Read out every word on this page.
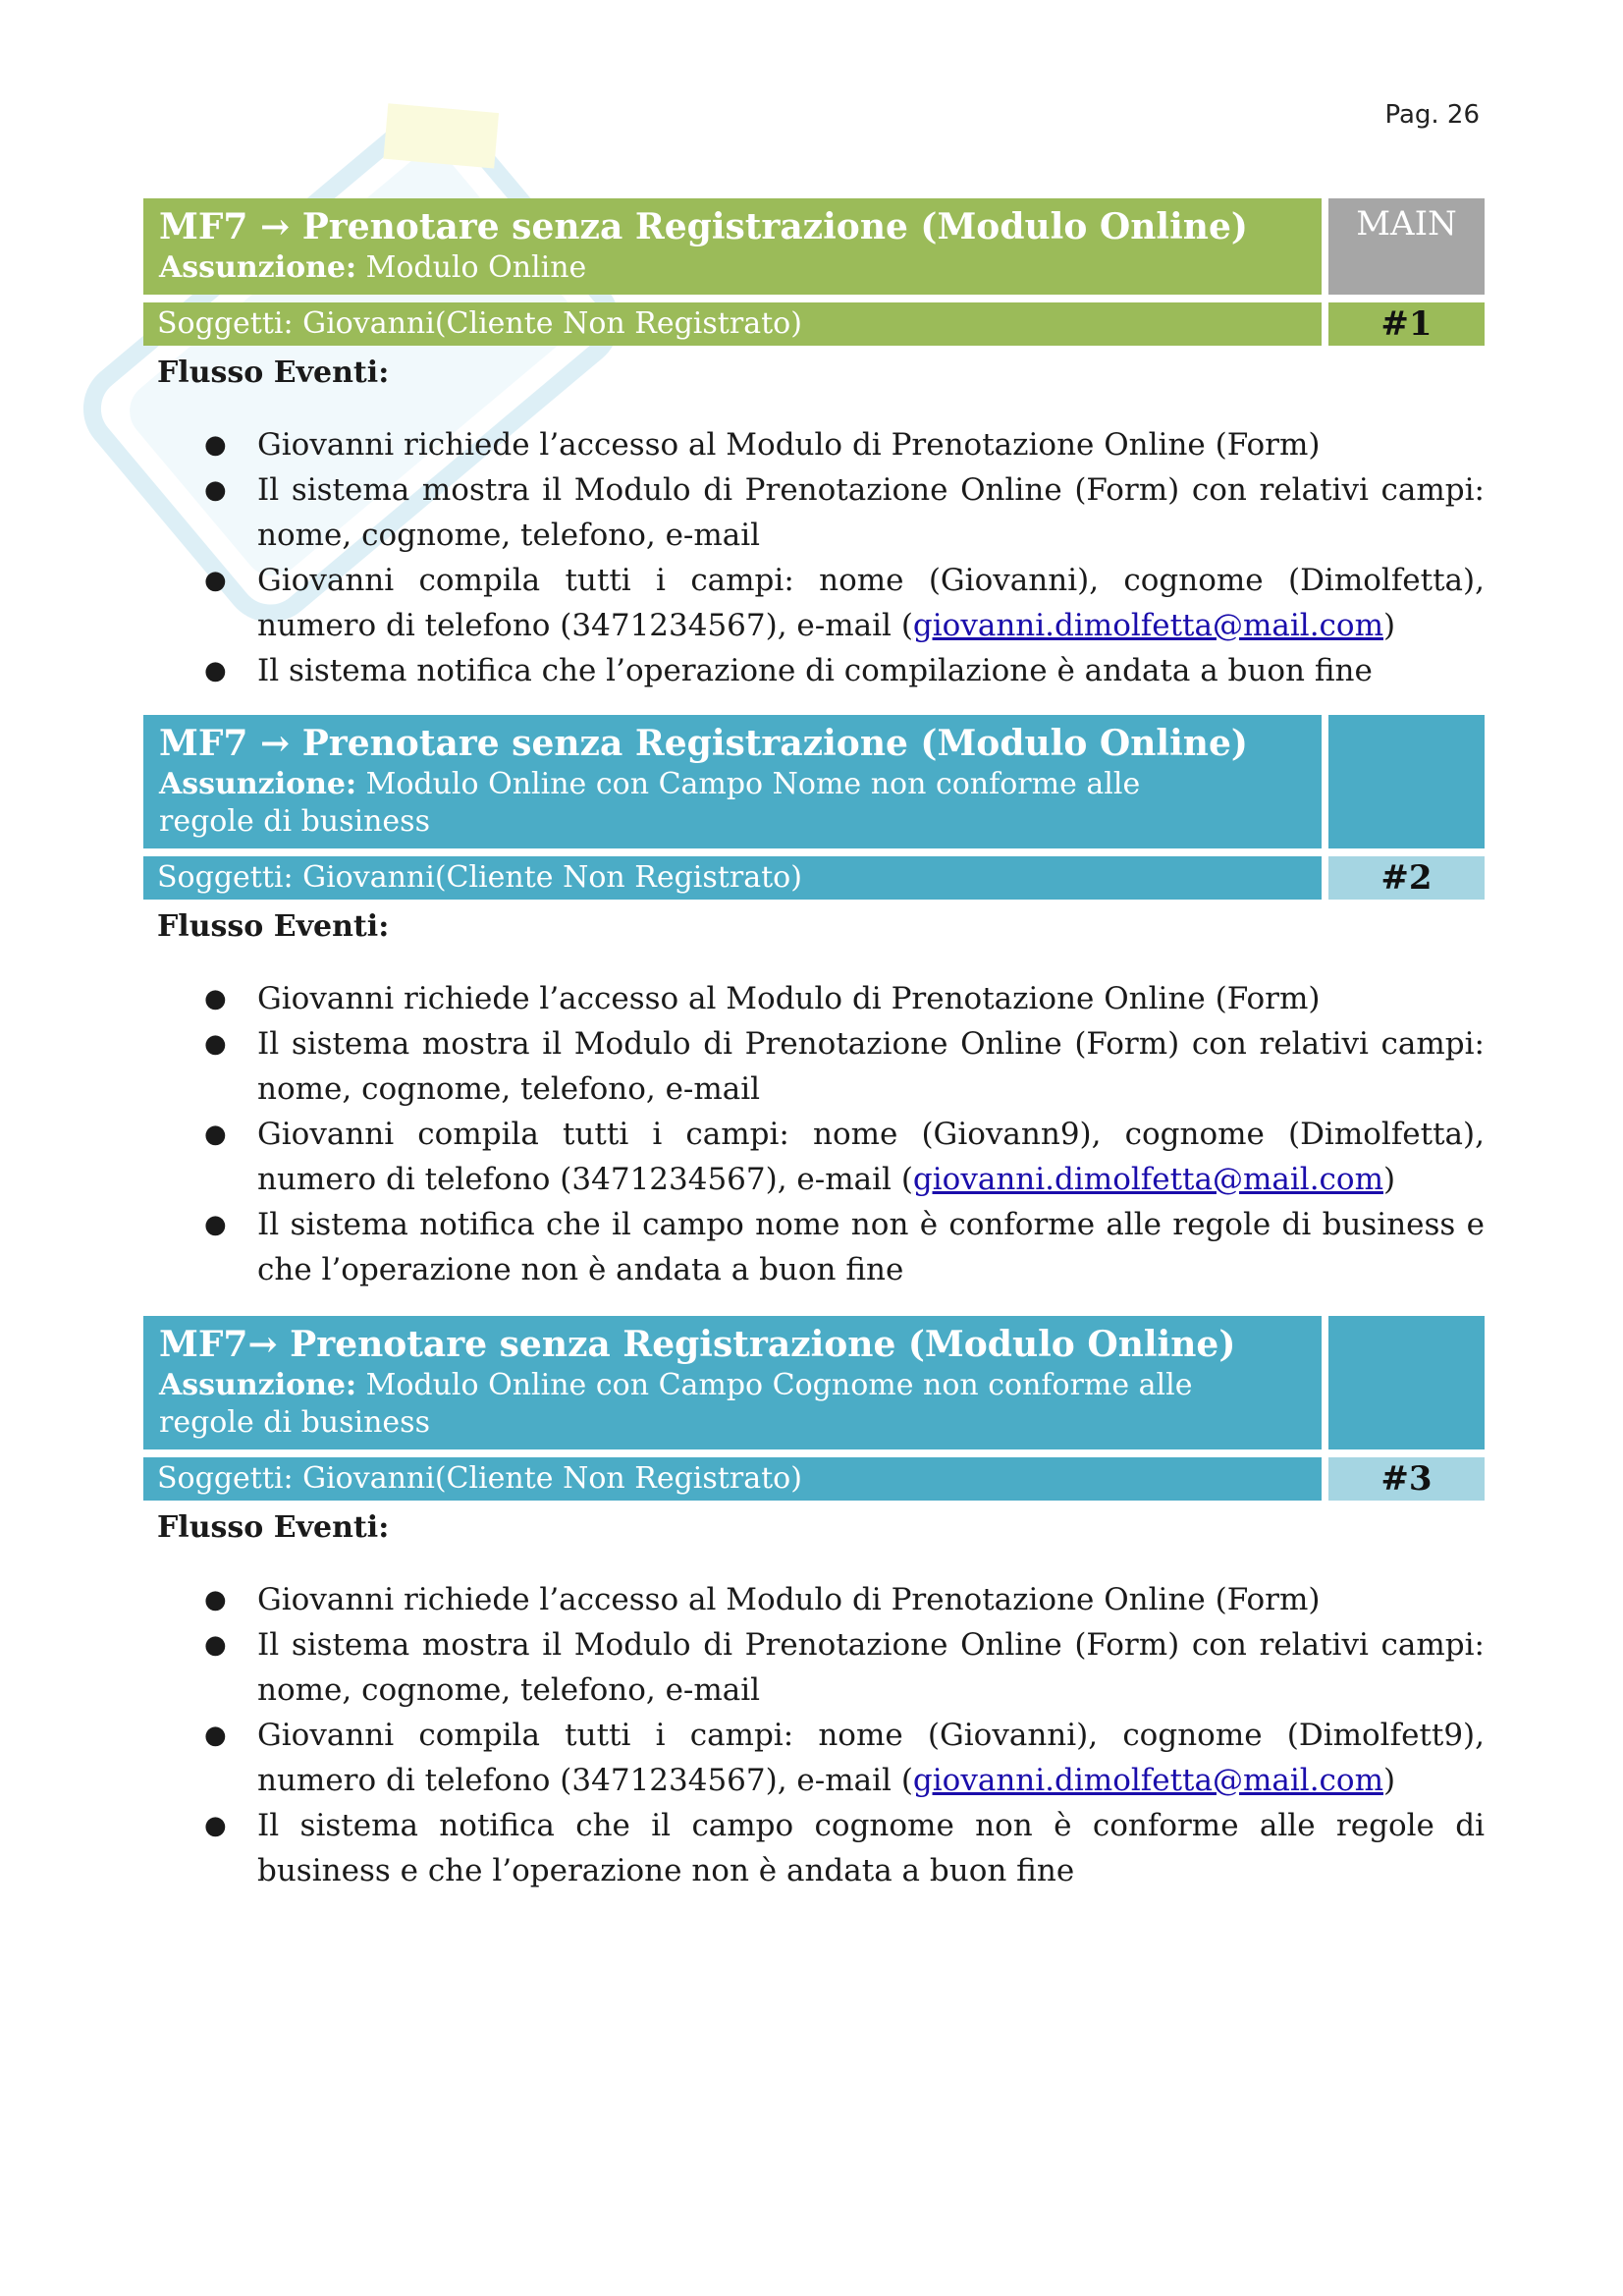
Pag. 26
MF7 → Prenotare senza Registrazione (Modulo Online)
Assunzione: Modulo Online
MAIN
Soggetti: Giovanni(Cliente Non Registrato)	#1
Flusso Eventi:
● Giovanni richiede l’accesso al Modulo di Prenotazione Online (Form)
● Il sistema mostra il Modulo di Prenotazione Online (Form) con relativi campi: nome, cognome, telefono, e-mail
● Giovanni compila tutti i campi: nome (Giovanni), cognome (Dimolfetta), numero di telefono (3471234567), e-mail (giovanni.dimolfetta@mail.com)
● Il sistema notifica che l’operazione di compilazione è andata a buon fine
MF7 → Prenotare senza Registrazione (Modulo Online)
Assunzione: Modulo Online con Campo Nome non conforme alle regole di business
Soggetti: Giovanni(Cliente Non Registrato)	#2
Flusso Eventi:
● Giovanni richiede l’accesso al Modulo di Prenotazione Online (Form)
● Il sistema mostra il Modulo di Prenotazione Online (Form) con relativi campi: nome, cognome, telefono, e-mail
● Giovanni compila tutti i campi: nome (Giovann9), cognome (Dimolfetta), numero di telefono (3471234567), e-mail (giovanni.dimolfetta@mail.com)
● Il sistema notifica che il campo nome non è conforme alle regole di business e che l’operazione non è andata a buon fine
MF7→ Prenotare senza Registrazione (Modulo Online)
Assunzione: Modulo Online con Campo Cognome non conforme alle regole di business
Soggetti: Giovanni(Cliente Non Registrato)	#3
Flusso Eventi:
● Giovanni richiede l’accesso al Modulo di Prenotazione Online (Form)
● Il sistema mostra il Modulo di Prenotazione Online (Form) con relativi campi: nome, cognome, telefono, e-mail
● Giovanni compila tutti i campi: nome (Giovanni), cognome (Dimolfett9), numero di telefono (3471234567), e-mail (giovanni.dimolfetta@mail.com)
● Il sistema notifica che il campo cognome non è conforme alle regole di business e che l’operazione non è andata a buon fine
